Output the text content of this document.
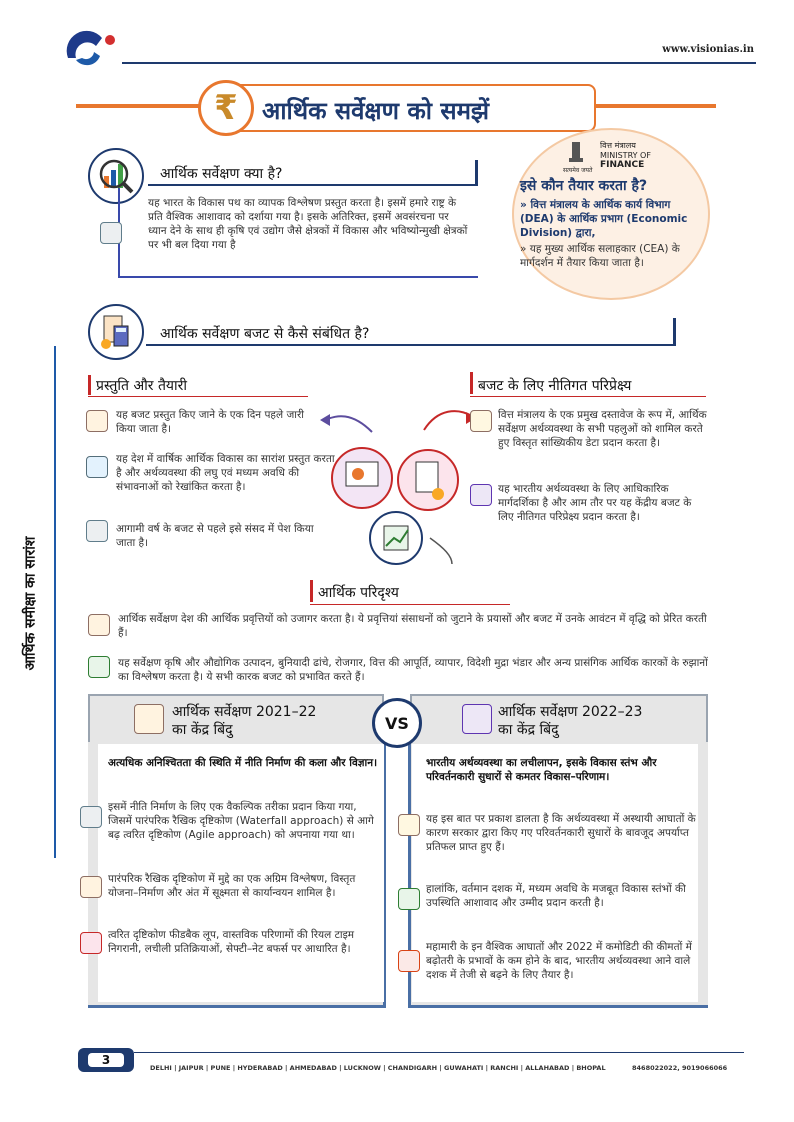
www.visionias.in
₹ आर्थिक सर्वेक्षण को समझें
आर्थिक सर्वेक्षण क्या है?
यह भारत के विकास पथ का व्यापक विश्लेषण प्रस्तुत करता है। इसमें हमारे राष्ट्र के प्रति वैश्विक आशावाद को दर्शाया गया है। इसके अतिरिक्त, इसमें अवसंरचना पर ध्यान देने के साथ ही कृषि एवं उद्योग जैसे क्षेत्रकों में विकास और भविष्योन्मुखी क्षेत्रकों पर भी बल दिया गया है
वित्त मंत्रालय
MINISTRY OF
FINANCE
सत्यमेव जयते
इसे कौन तैयार करता है?
» वित्त मंत्रालय के आर्थिक कार्य विभाग (DEA) के आर्थिक प्रभाग (Economic Division) द्वारा,
» यह मुख्य आर्थिक सलाहकार (CEA) के मार्गदर्शन में तैयार किया जाता है।
आर्थिक सर्वेक्षण बजट से कैसे संबंधित है?
प्रस्तुति और तैयारी
यह बजट प्रस्तुत किए जाने के एक दिन पहले जारी किया जाता है।
यह देश में वार्षिक आर्थिक विकास का सारांश प्रस्तुत करता है और अर्थव्यवस्था की लघु एवं मध्यम अवधि की संभावनाओं को रेखांकित करता है।
आगामी वर्ष के बजट से पहले इसे संसद में पेश किया जाता है।
बजट के लिए नीतिगत परिप्रेक्ष्य
वित्त मंत्रालय के एक प्रमुख दस्तावेज के रूप में, आर्थिक सर्वेक्षण अर्थव्यवस्था के सभी पहलुओं को शामिल करते हुए विस्तृत सांख्यिकीय डेटा प्रदान करता है।
यह भारतीय अर्थव्यवस्था के लिए आधिकारिक मार्गदर्शिका है और आम तौर पर यह केंद्रीय बजट के लिए नीतिगत परिप्रेक्ष्य प्रदान करता है।
आर्थिक परिदृश्य
आर्थिक सर्वेक्षण देश की आर्थिक प्रवृत्तियों को उजागर करता है। ये प्रवृत्तियां संसाधनों को जुटाने के प्रयासों और बजट में उनके आवंटन में वृद्धि को प्रेरित करती हैं।
यह सर्वेक्षण कृषि और औद्योगिक उत्पादन, बुनियादी ढांचे, रोजगार, वित्त की आपूर्ति, व्यापार, विदेशी मुद्रा भंडार और अन्य प्रासंगिक आर्थिक कारकों के रुझानों का विश्लेषण करता है। ये सभी कारक बजट को प्रभावित करते हैं।
आर्थिक सर्वेक्षण 2021–22
का केंद्र बिंदु	VS
आर्थिक सर्वेक्षण 2022–23
का केंद्र बिंदु
अत्यधिक अनिश्चितता की स्थिति में नीति निर्माण की कला और विज्ञान।
इसमें नीति निर्माण के लिए एक वैकल्पिक तरीका प्रदान किया गया, जिसमें पारंपरिक रैखिक दृष्टिकोण (Waterfall approach) से आगे बढ़ त्वरित दृष्टिकोण (Agile approach) को अपनाया गया था।
पारंपरिक रैखिक दृष्टिकोण में मुद्दे का एक अग्रिम विश्लेषण, विस्तृत योजना–निर्माण और अंत में सूक्ष्मता से कार्यान्वयन शामिल है।
त्वरित दृष्टिकोण फीडबैक लूप, वास्तविक परिणामों की रियल टाइम निगरानी, लचीली प्रतिक्रियाओं, सेफ्टी–नेट बफर्स पर आधारित है।
भारतीय अर्थव्यवस्था का लचीलापन, इसके विकास स्तंभ और परिवर्तनकारी सुधारों से कमतर विकास–परिणाम।
यह इस बात पर प्रकाश डालता है कि अर्थव्यवस्था में अस्थायी आघातों के कारण सरकार द्वारा किए गए परिवर्तनकारी सुधारों के बावजूद अपर्याप्त प्रतिफल प्राप्त हुए हैं।
हालांकि, वर्तमान दशक में, मध्यम अवधि के मजबूत विकास स्तंभों की उपस्थिति आशावाद और उम्मीद प्रदान करती है।
महामारी के इन वैश्विक आघातों और 2022 में कमोडिटी की कीमतों में बढ़ोतरी के प्रभावों के कम होने के बाद, भारतीय अर्थव्यवस्था आने वाले दशक में तेजी से बढ़ने के लिए तैयार है।
आर्थिक समीक्षा का सारांश
3
DELHI | JAIPUR | PUNE | HYDERABAD | AHMEDABAD | LUCKNOW | CHANDIGARH | GUWAHATI | RANCHI | ALLAHABAD | BHOPAL	8468022022, 9019066066
